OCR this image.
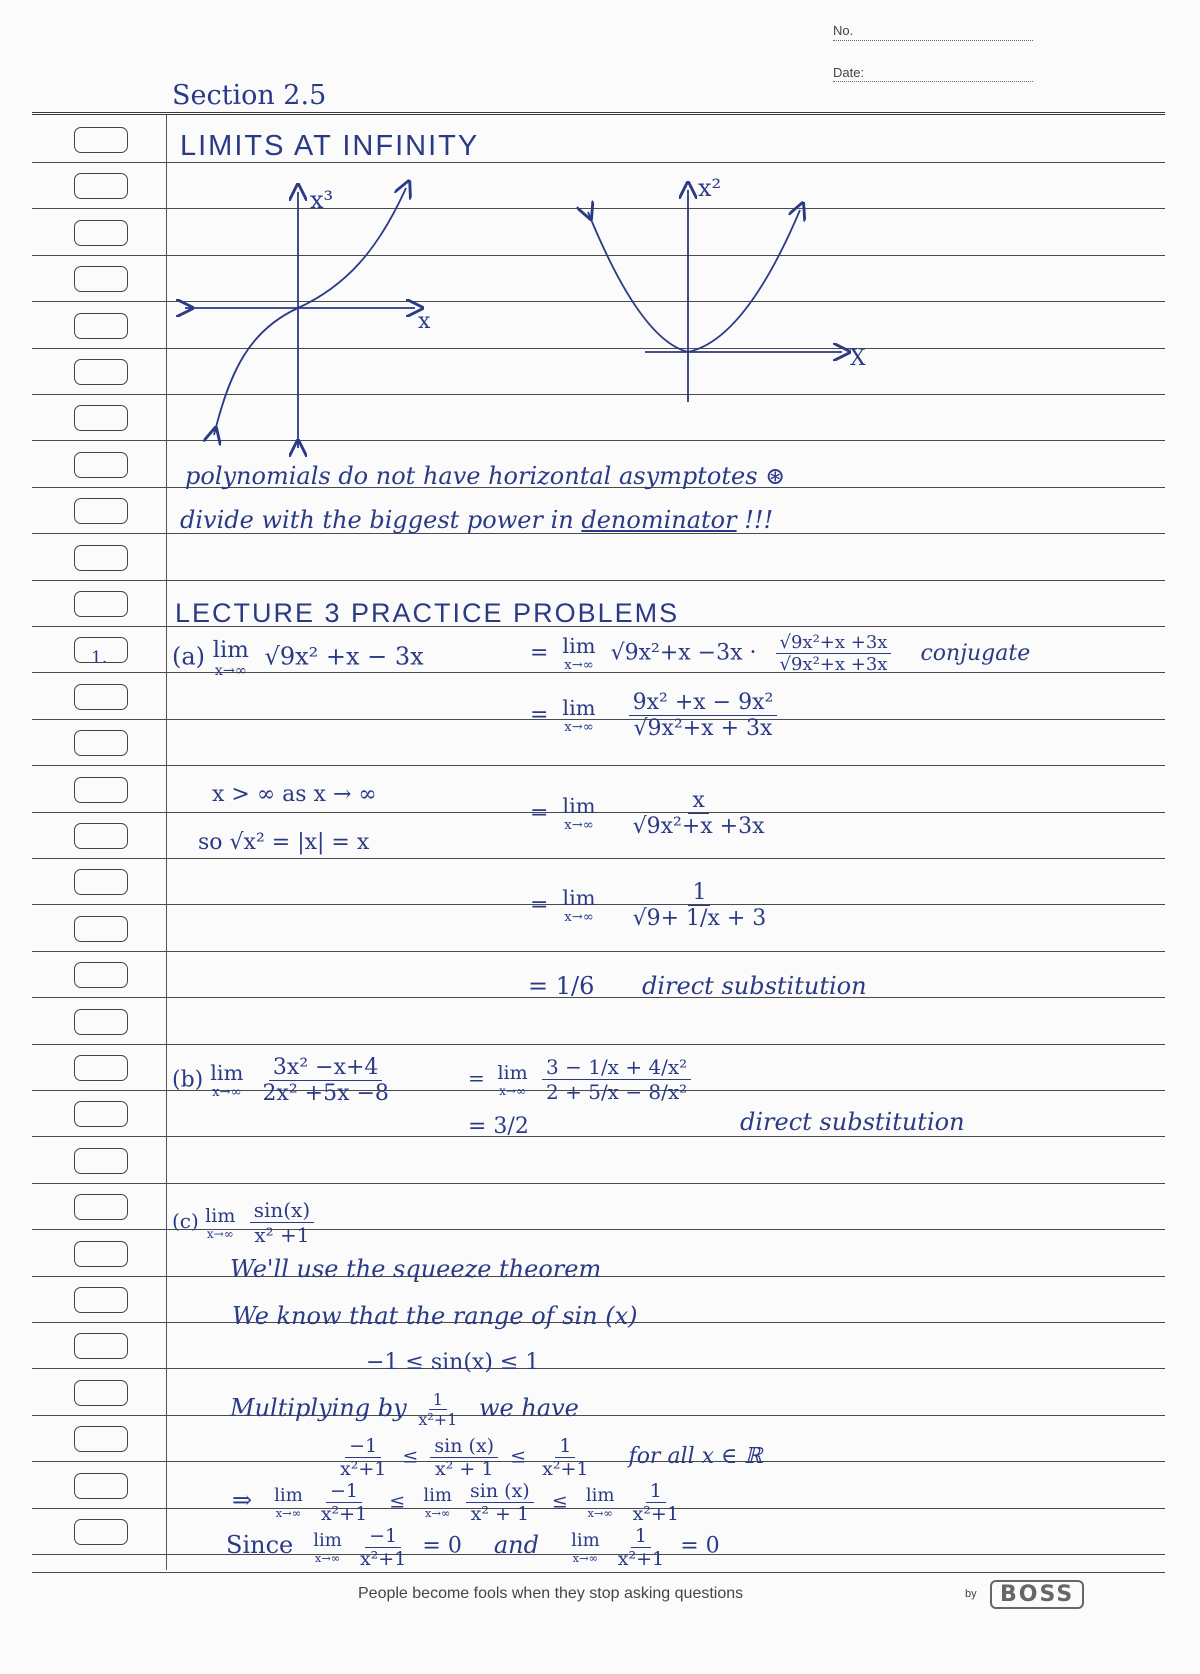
No.
Date:
Section 2.5
LIMITS AT INFINITY
x³
x
x²
X
polynomials do not have horizontal asymptotes ⊛
divide with the biggest power in denominator !!!
LECTURE 3 PRACTICE PROBLEMS
1.	(a) lim
x→∞
√9x² +x − 3x	= lim
x→∞ $√9x^2+x -3x \cdot \frac{\text{√9x²+x +3x}}{\text{√9x²+x +3x}}$ conjugate
= lim
x→∞
$\frac{\text{9x² +x − 9x²}}{\text{√9x²+x + 3x}}$
x > ∞ as x → ∞
so √x² = |x| = x
= lim
x→∞
$\frac{x}{\text{√9x²+x +3x}}$
= lim
x→∞
$\frac{1}{√9+ 1/x + 3}$
= 1/6 direct substitution
(b) lim
x→∞
$\frac{\text{3x² −x+4}}{\text{2x² +5x −8}}$	= lim
x→∞
$\frac{\text{3 − 1/x + 4/x²}}{\text{2 + 5/x − 8/x²}}$
= 3/2	direct substitution
(c) lim
x→∞
$\frac{\sin(x)}{\text{x² +1}}$
We'll use the squeeze theorem
We know that the range of sin (x)
−1 ≤ sin(x) ≤ 1
Multiplying by $\frac{1}{\text{x²+1}}$ we have
$\frac{-1}{\text{x²+1}} \le \frac{\sin (x)}{\text{x² + 1}} \le \frac{1}{\text{x²+1}}$ for all x ∈ ℝ
⇒ lim
x→∞
$\frac{-1}{\text{x²+1}} \le \lim$
x→∞
$\frac{\sin (x)}{\text{x² + 1}} \le \lim$
x→∞
$\frac{1}{\text{x²+1}}$
Since lim
x→∞
$\frac{-1}{\text{x²+1}} = 0$ and lim
x→∞
$\frac{1}{\text{x²+1}} = 0$
People become fools when they stop asking questions	by	BOSS
